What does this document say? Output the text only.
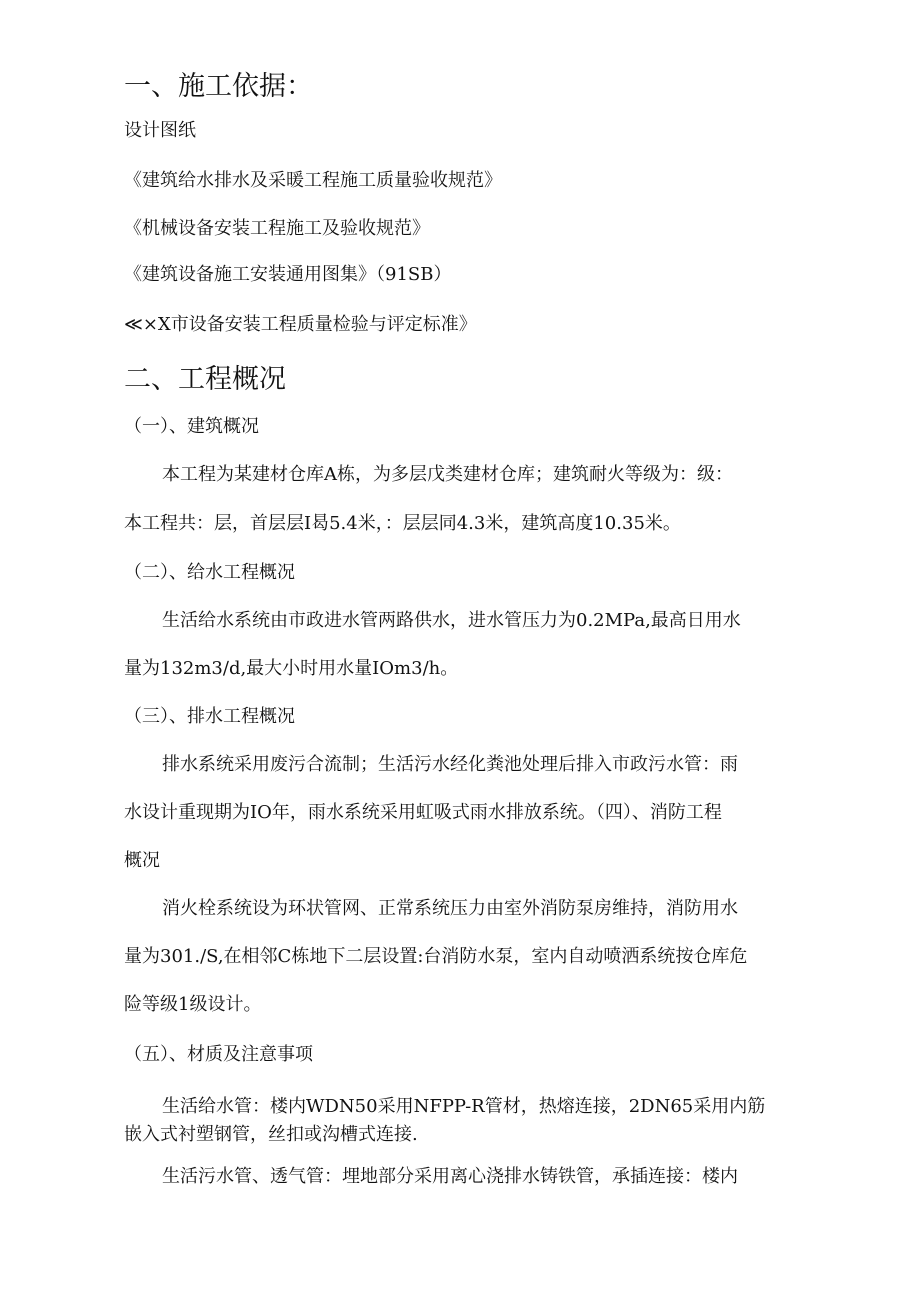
一、施工依据：
设计图纸
《建筑给水排水及采暖工程施工质量验收规范》
《机械设备安装工程施工及验收规范》
《建筑设备施工安装通用图集》（91SB）
≪×X市设备安装工程质量检验与评定标准》
二、工程概况
（一）、建筑概况
本工程为某建材仓库A栋，为多层戊类建材仓库；建筑耐火等级为：级：
本工程共：层，首层层I曷5.4米，：层层同4.3米，建筑高度10.35米。
（二）、给水工程概况
生活给水系统由市政进水管两路供水，进水管压力为0.2MPa,最高日用水
量为132m3∕d,最大小时用水量IOm3/h。
（三）、排水工程概况
排水系统采用废污合流制；生活污水经化粪池处理后排入市政污水管：雨
水设计重现期为IO年，雨水系统采用虹吸式雨水排放系统。（四）、消防工程
概况
消火栓系统设为环状管网、正常系统压力由室外消防泵房维持，消防用水
量为301./S,在相邻C栋地下二层设置:台消防水泵，室内自动喷洒系统按仓库危
险等级1级设计。
（五）、材质及注意事项
生活给水管：楼内WDN50采用NFPP-R管材，热熔连接，2DN65采用内筋
嵌入式衬塑钢管，丝扣或沟槽式连接.
生活污水管、透气管：埋地部分采用离心浇排水铸铁管，承插连接：楼内
